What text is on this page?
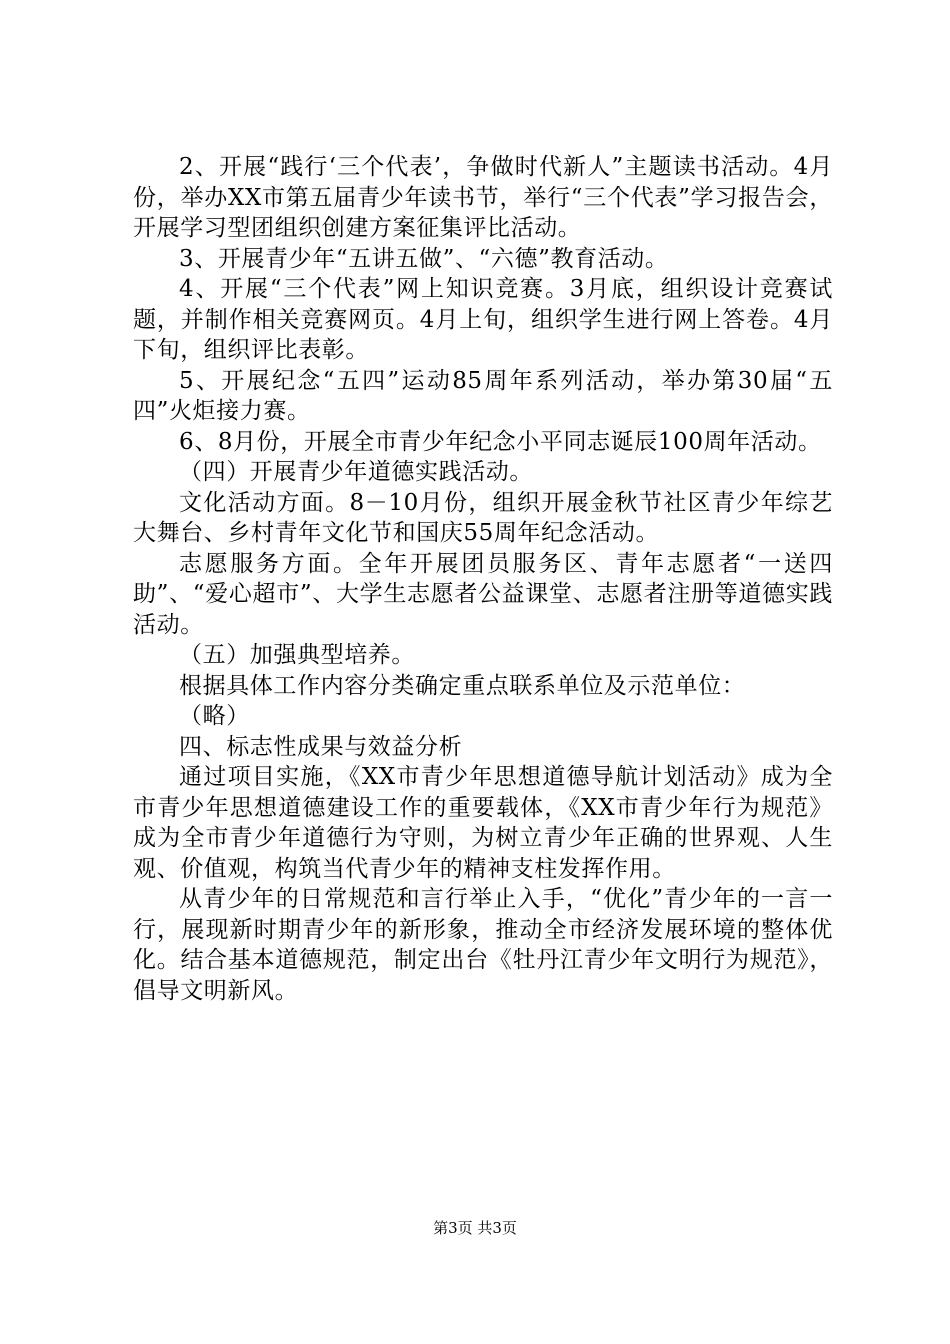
2、开展“践行‘三个代表’，争做时代新人”主题读书活动。4月份，举办XX市第五届青少年读书节，举行“三个代表”学习报告会，开展学习型团组织创建方案征集评比活动。

3、开展青少年“五讲五做”、“六德”教育活动。

4、开展“三个代表”网上知识竞赛。3月底，组织设计竞赛试题，并制作相关竞赛网页。4月上旬，组织学生进行网上答卷。4月下旬，组织评比表彰。

5、开展纪念“五四”运动85周年系列活动，举办第30届“五四”火炬接力赛。

6、8月份，开展全市青少年纪念小平同志诞辰100周年活动。

（四）开展青少年道德实践活动。

文化活动方面。8－10月份，组织开展金秋节社区青少年综艺大舞台、乡村青年文化节和国庆55周年纪念活动。

志愿服务方面。全年开展团员服务区、青年志愿者“一送四助”、“爱心超市”、大学生志愿者公益课堂、志愿者注册等道德实践活动。

（五）加强典型培养。

根据具体工作内容分类确定重点联系单位及示范单位：

（略）

四、标志性成果与效益分析

通过项目实施，《XX市青少年思想道德导航计划活动》成为全市青少年思想道德建设工作的重要载体，《XX市青少年行为规范》成为全市青少年道德行为守则，为树立青少年正确的世界观、人生观、价值观，构筑当代青少年的精神支柱发挥作用。

从青少年的日常规范和言行举止入手，“优化”青少年的一言一行，展现新时期青少年的新形象，推动全市经济发展环境的整体优化。结合基本道德规范，制定出台《牡丹江青少年文明行为规范》，倡导文明新风。

第3页 共3页
